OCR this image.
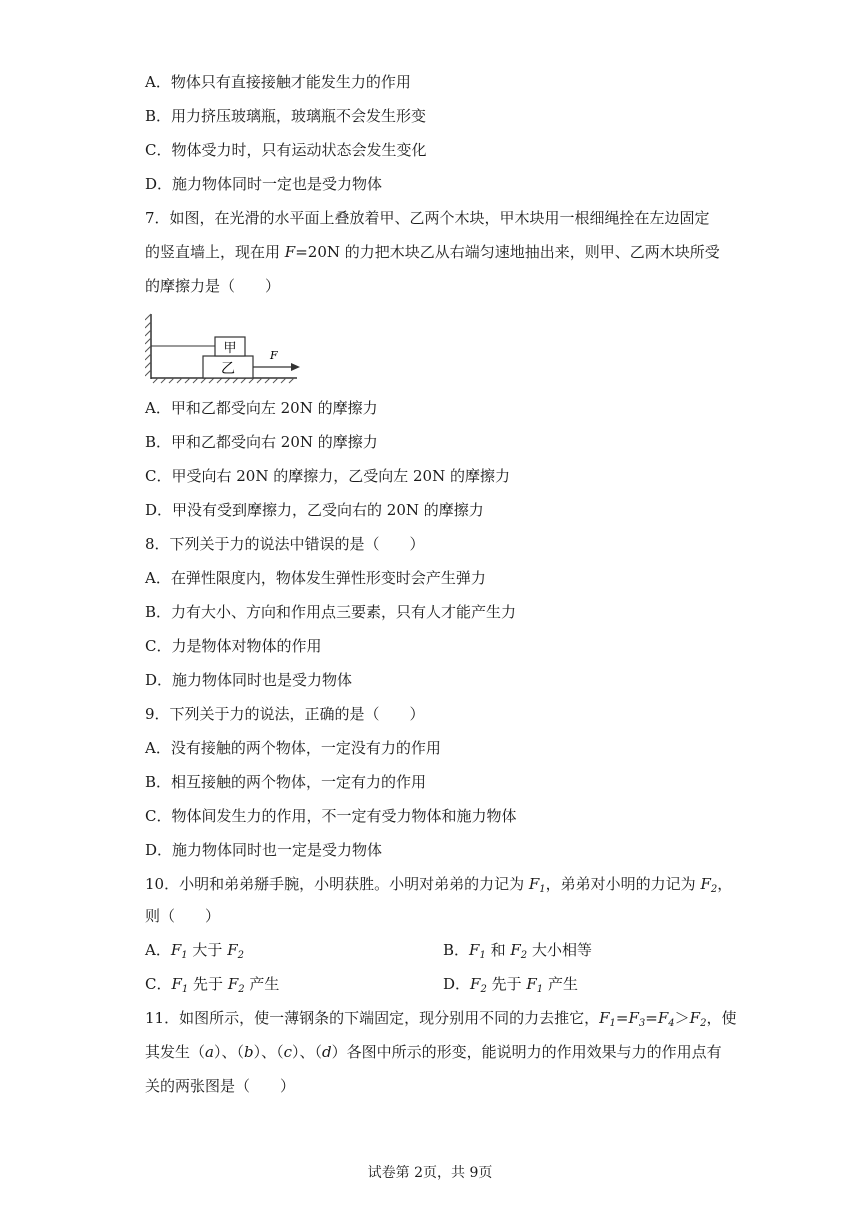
A．物体只有直接接触才能发生力的作用
B．用力挤压玻璃瓶，玻璃瓶不会发生形变
C．物体受力时，只有运动状态会发生变化
D．施力物体同时一定也是受力物体
7．如图，在光滑的水平面上叠放着甲、乙两个木块，甲木块用一根细绳拴在左边固定
的竖直墙上，现在用 F=20N 的力把木块乙从右端匀速地抽出来，则甲、乙两木块所受
的摩擦力是（　　）
乙
甲	F
A．甲和乙都受向左 20N 的摩擦力
B．甲和乙都受向右 20N 的摩擦力
C．甲受向右 20N 的摩擦力，乙受向左 20N 的摩擦力
D．甲没有受到摩擦力，乙受向右的 20N 的摩擦力
8．下列关于力的说法中错误的是（　　）
A．在弹性限度内，物体发生弹性形变时会产生弹力
B．力有大小、方向和作用点三要素，只有人才能产生力
C．力是物体对物体的作用
D．施力物体同时也是受力物体
9．下列关于力的说法，正确的是（　　）
A．没有接触的两个物体，一定没有力的作用
B．相互接触的两个物体，一定有力的作用
C．物体间发生力的作用，不一定有受力物体和施力物体
D．施力物体同时也一定是受力物体
10．小明和弟弟掰手腕，小明获胜。小明对弟弟的力记为 $F_1$，弟弟对小明的力记为 $F_2$，
则（　　）
A．$F_1$ 大于 $F_2$	B．$F_1$ 和 $F_2$ 大小相等
C．$F_1$ 先于 $F_2$ 产生	D．$F_2$ 先于 $F_1$ 产生
11．如图所示，使一薄钢条的下端固定，现分别用不同的力去推它，$F_1=F_3=F_4>F_2$，使
其发生（a）、（b）、（c）、（d）各图中所示的形变，能说明力的作用效果与力的作用点有
关的两张图是（　　）
试卷第 2页，共 9页
